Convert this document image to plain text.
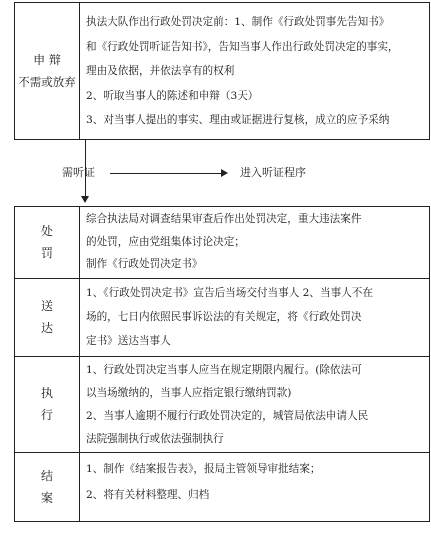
申 辩
不需或放弃
执法大队作出行政处罚决定前：1、制作《行政处罚事先告知书》
和《行政处罚听证告知书》，告知当事人作出行政处罚决定的事实，
理由及依据，并依法享有的权利
2、听取当事人的陈述和申辩（3天）
3、对当事人提出的事实、理由或证据进行复核，成立的应予采纳
需听证	进入听证程序
处
罚
综合执法局对调查结果审查后作出处罚决定，重大违法案件
的处罚，应由党组集体讨论决定；
制作《行政处罚决定书》
送
达
1、《行政处罚决定书》宣告后当场交付当事人 2、当事人不在
场的，七日内依照民事诉讼法的有关规定，将《行政处罚决
定书》送达当事人
执
行
1、行政处罚决定当事人应当在规定期限内履行。(除依法可
以当场缴纳的，当事人应指定银行缴纳罚款)
2、当事人逾期不履行行政处罚决定的，城管局依法申请人民
法院强制执行或依法强制执行
结
案
1、制作《结案报告表》，报局主管领导审批结案；
2、将有关材料整理、归档
